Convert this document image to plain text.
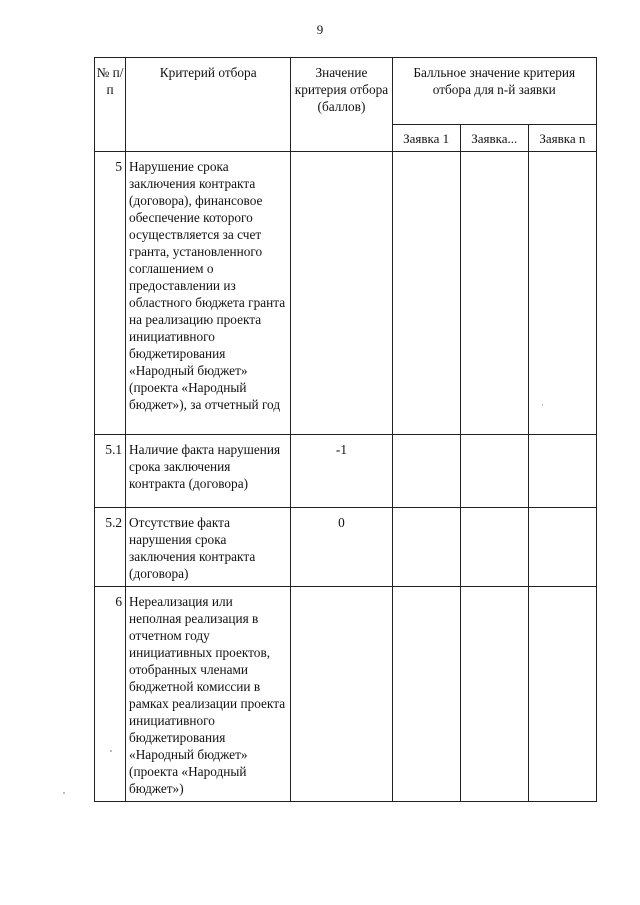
9
№ п/п	Критерий отбора	Значение критерия отбора (баллов)	Балльное значение критерия отбора для n-й заявки		
			Заявка 1	Заявка...	Заявка n
5	Нарушение срока заключения контракта (договора), финансовое обеспечение которого осуществляется за счет гранта, установленного соглашением о предоставлении из областного бюджета гранта на реализацию проекта инициативного бюджетирования «Народный бюджет» (проекта «Народный бюджет»), за отчетный год				
5.1	Наличие факта нарушения срока заключения контракта (договора)	-1			
5.2	Отсутствие факта нарушения срока заключения контракта (договора)	0			
6	Нереализация или неполная реализация в отчетном году инициативных проектов, отобранных членами бюджетной комиссии в рамках реализации проекта инициативного бюджетирования «Народный бюджет» (проекта «Народный бюджет»)				
